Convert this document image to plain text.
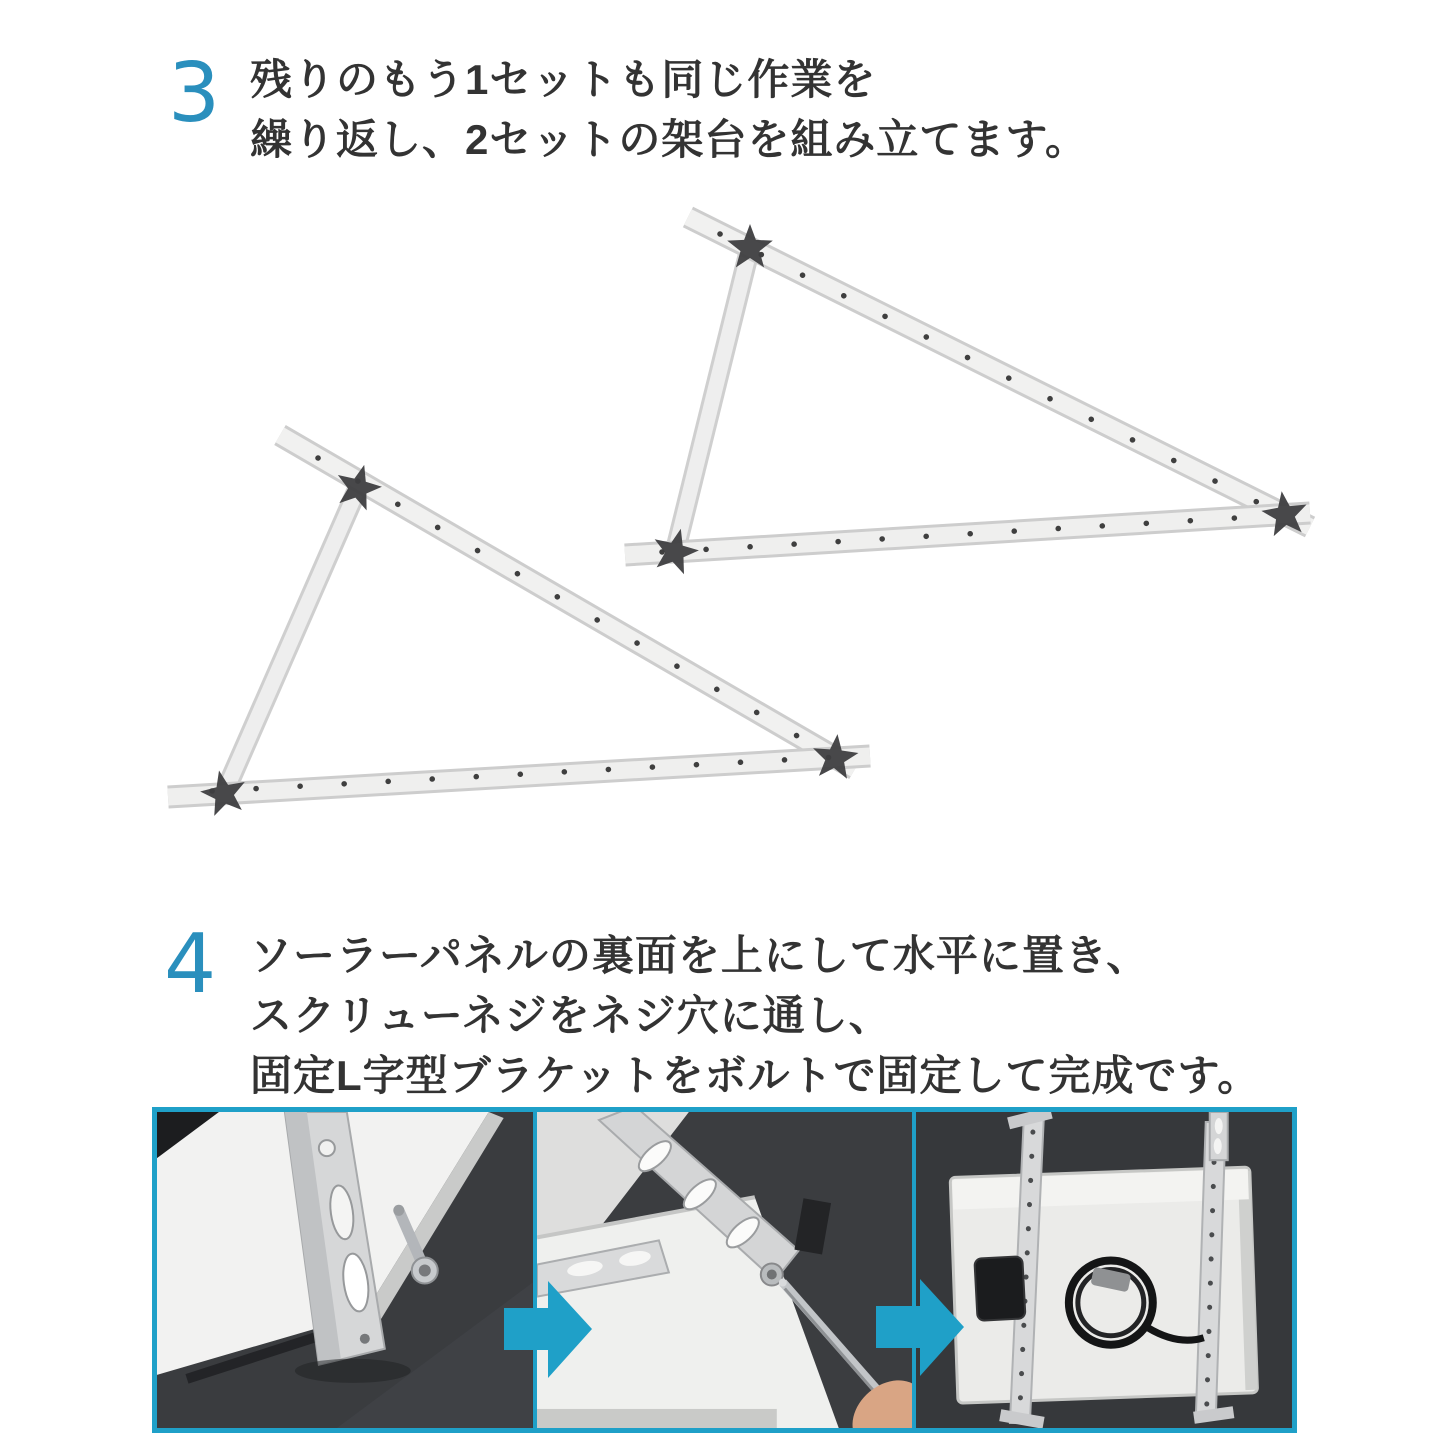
3 残りのもう1セットも同じ作業を
繰り返し、2セットの架台を組み立てます。
4 ソーラーパネルの裏面を上にして水平に置き、
スクリューネジをネジ穴に通し、
固定L字型ブラケットをボルトで固定して完成です。
